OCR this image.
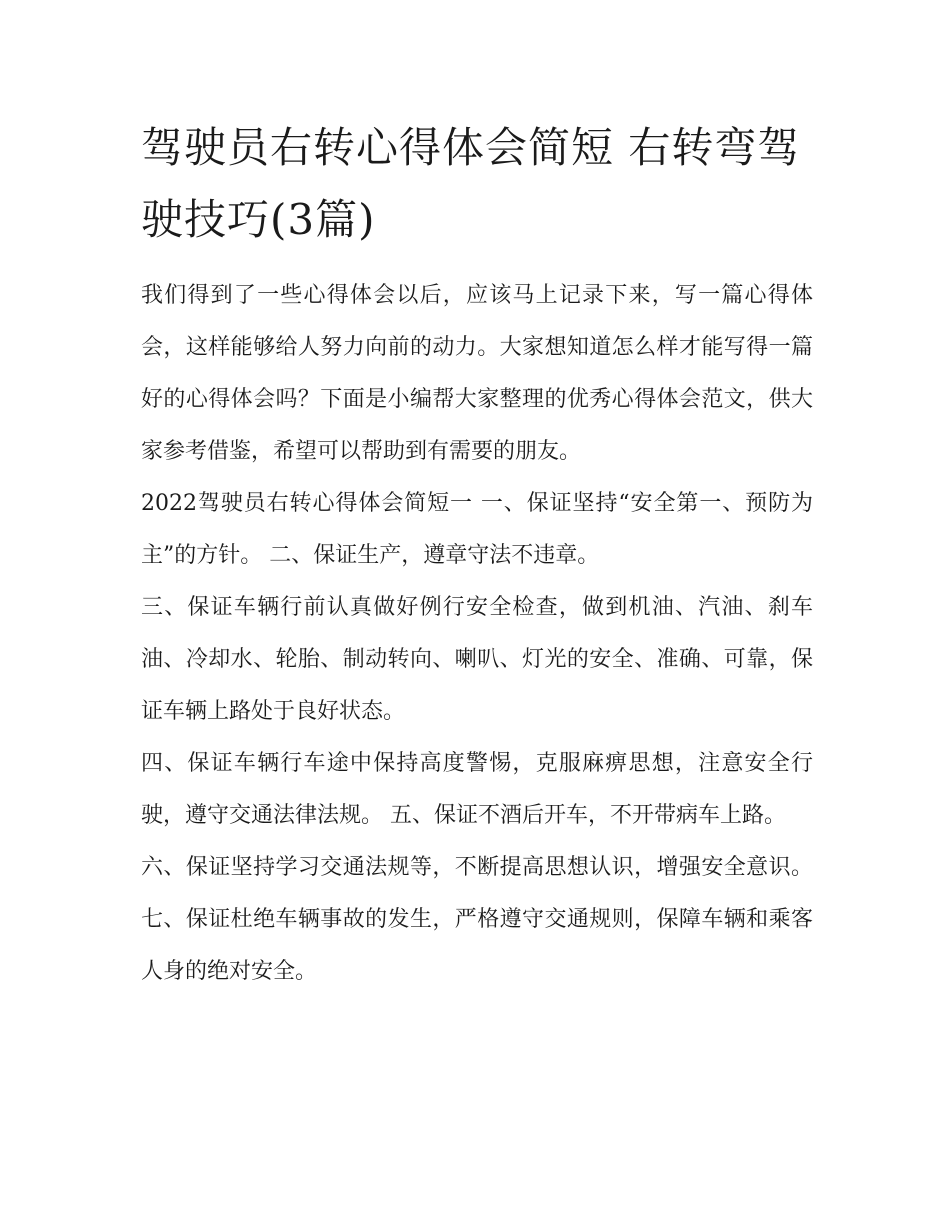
驾驶员右转心得体会简短 右转弯驾驶技巧(3篇)

我们得到了一些心得体会以后，应该马上记录下来，写一篇心得体会，这样能够给人努力向前的动力。大家想知道怎么样才能写得一篇好的心得体会吗？下面是小编帮大家整理的优秀心得体会范文，供大家参考借鉴，希望可以帮助到有需要的朋友。

2022驾驶员右转心得体会简短一 一、保证坚持“安全第一、预防为主”的方针。 二、保证生产，遵章守法不违章。

三、保证车辆行前认真做好例行安全检查，做到机油、汽油、刹车油、冷却水、轮胎、制动转向、喇叭、灯光的安全、准确、可靠，保证车辆上路处于良好状态。

四、保证车辆行车途中保持高度警惕，克服麻痹思想，注意安全行驶，遵守交通法律法规。 五、保证不酒后开车，不开带病车上路。

六、保证坚持学习交通法规等，不断提高思想认识，增强安全意识。 七、保证杜绝车辆事故的发生，严格遵守交通规则，保障车辆和乘客人身的绝对安全。
